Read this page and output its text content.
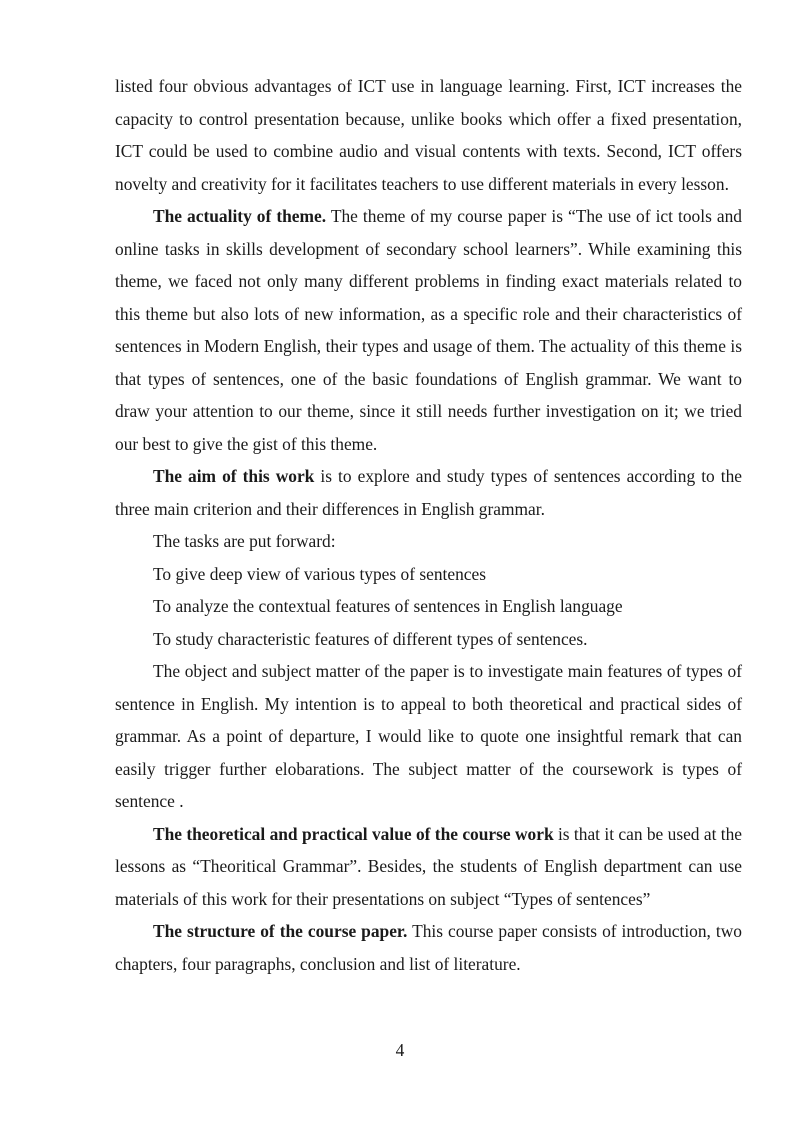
listed four obvious advantages of ICT use in language learning. First, ICT increases the capacity to control presentation because, unlike books which offer a fixed presentation, ICT could be used to combine audio and visual contents with texts. Second, ICT offers novelty and creativity for it facilitates teachers to use different materials in every lesson.

The actuality of theme. The theme of my course paper is “The use of ict tools and online tasks in skills development of secondary school learners”. While examining this theme, we faced not only many different problems in finding exact materials related to this theme but also lots of new information, as a specific role and their characteristics of sentences in Modern English, their types and usage of them. The actuality of this theme is that types of sentences, one of the basic foundations of English grammar. We want to draw your attention to our theme, since it still needs further investigation on it; we tried our best to give the gist of this theme.

The aim of this work is to explore and study types of sentences according to the three main criterion and their differences in English grammar.

The tasks are put forward:

To give deep view of various types of sentences

To analyze the contextual features of sentences in English language

To study characteristic features of different types of sentences.

The object and subject matter of the paper is to investigate main features of types of sentence in English. My intention is to appeal to both theoretical and practical sides of grammar. As a point of departure, I would like to quote one insightful remark that can easily trigger further elobarations. The subject matter of the coursework is types of sentence .

The theoretical and practical value of the course work is that it can be used at the lessons as “Theoritical Grammar”. Besides, the students of English department can use materials of this work for their presentations on subject “Types of sentences”

The structure of the course paper. This course paper consists of introduction, two chapters, four paragraphs, conclusion and list of literature.

4
